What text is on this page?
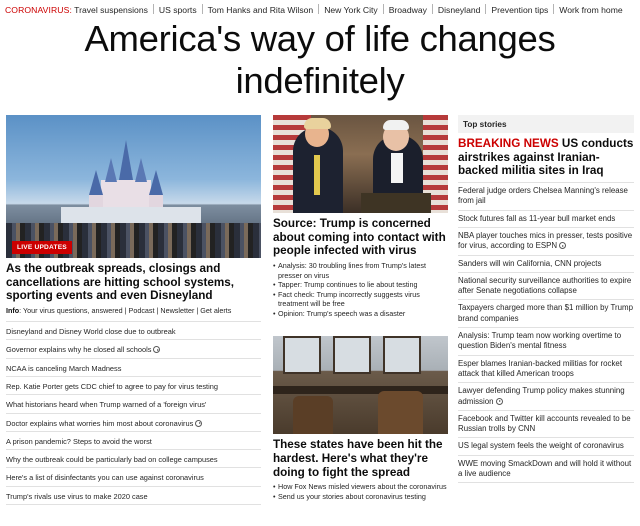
CORONAVIRUS: Travel suspensions US sports Tom Hanks and Rita Wilson New York City Broadway Disneyland Prevention tips Work from home
America's way of life changes indefinitely
LIVE UPDATES
As the outbreak spreads, closings and cancellations are hitting school systems, sporting events and even Disneyland
Info: Your virus questions, answered | Podcast | Newsletter | Get alerts
Disneyland and Disney World close due to outbreak
Governor explains why he closed all schools
NCAA is canceling March Madness
Rep. Katie Porter gets CDC chief to agree to pay for virus testing
What historians heard when Trump warned of a 'foreign virus'
Doctor explains what worries him most about coronavirus
A prison pandemic? Steps to avoid the worst
Why the outbreak could be particularly bad on college campuses
Here's a list of disinfectants you can use against coronavirus
Trump's rivals use virus to make 2020 case
Source: Trump is concerned about coming into contact with people infected with virus
• Analysis: 30 troubling lines from Trump's latest presser on virus
• Tapper: Trump continues to lie about testing
• Fact check: Trump incorrectly suggests virus treatment will be free
• Opinion: Trump's speech was a disaster
These states have been hit the hardest. Here's what they're doing to fight the spread
• How Fox News misled viewers about the coronavirus
• Send us your stories about coronavirus testing
Top stories
BREAKING NEWS US conducts airstrikes against Iranian-backed militia sites in Iraq
Federal judge orders Chelsea Manning's release from jail
Stock futures fall as 11-year bull market ends
NBA player touches mics in presser, tests positive for virus, according to ESPN
Sanders will win California, CNN projects
National security surveillance authorities to expire after Senate negotiations collapse
Taxpayers charged more than $1 million by Trump brand companies
Analysis: Trump team now working overtime to question Biden's mental fitness
Esper blames Iranian-backed militias for rocket attack that killed American troops
Lawyer defending Trump policy makes stunning admission
Facebook and Twitter kill accounts revealed to be Russian trolls by CNN
US legal system feels the weight of coronavirus
WWE moving SmackDown and will hold it without a live audience
